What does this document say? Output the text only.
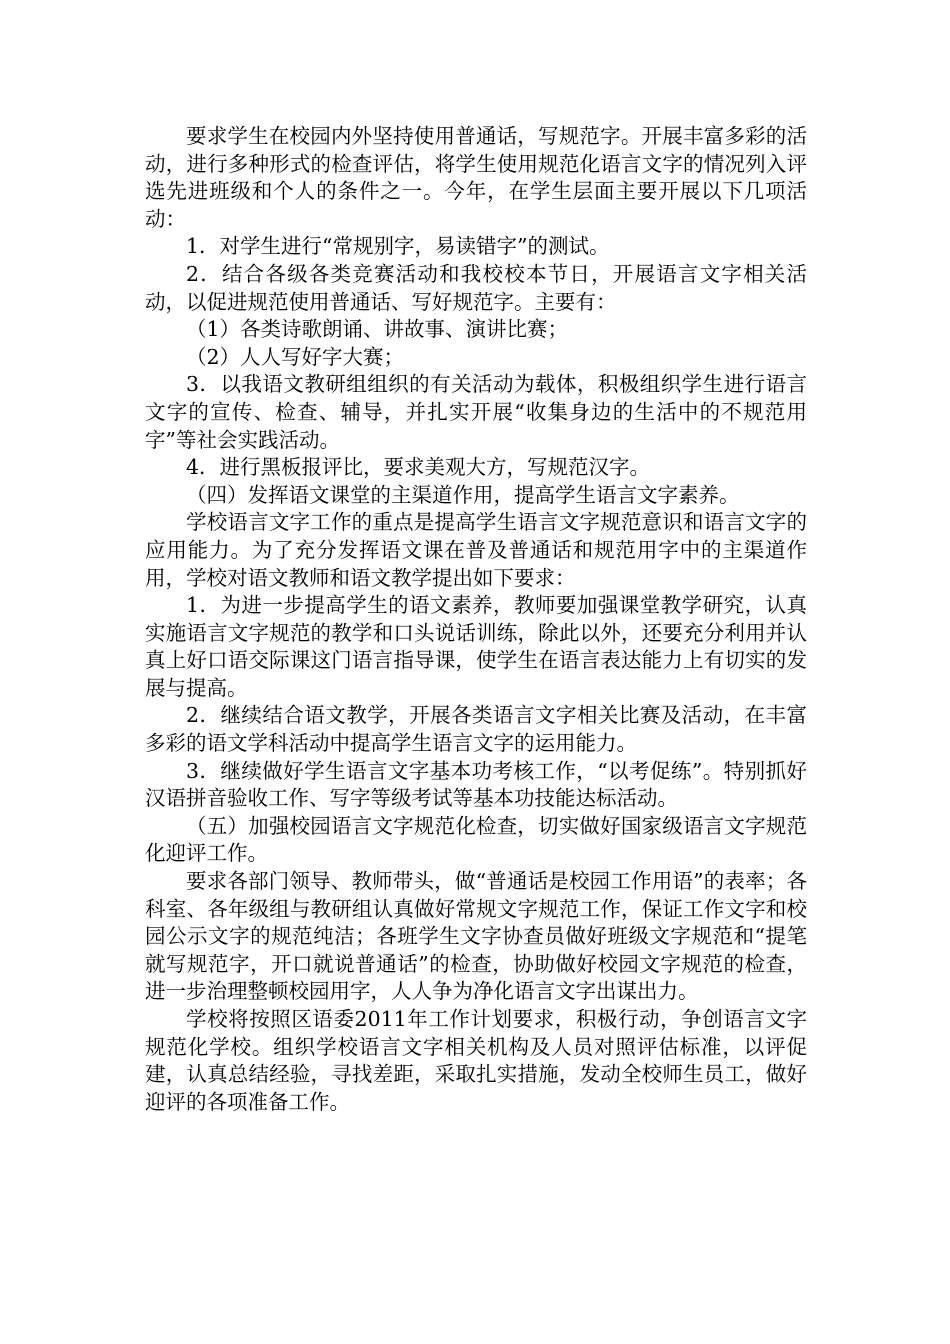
要求学生在校园内外坚持使用普通话，写规范字。开展丰富多彩的活动，进行多种形式的检查评估，将学生使用规范化语言文字的情况列入评选先进班级和个人的条件之一。今年，在学生层面主要开展以下几项活动：

1．对学生进行“常规别字，易读错字”的测试。

2．结合各级各类竞赛活动和我校校本节日，开展语言文字相关活动，以促进规范使用普通话、写好规范字。主要有：

（1）各类诗歌朗诵、讲故事、演讲比赛；

（2）人人写好字大赛；

3．以我语文教研组组织的有关活动为载体，积极组织学生进行语言文字的宣传、检查、辅导，并扎实开展“收集身边的生活中的不规范用字”等社会实践活动。

4．进行黑板报评比，要求美观大方，写规范汉字。

（四）发挥语文课堂的主渠道作用，提高学生语言文字素养。

学校语言文字工作的重点是提高学生语言文字规范意识和语言文字的应用能力。为了充分发挥语文课在普及普通话和规范用字中的主渠道作用，学校对语文教师和语文教学提出如下要求：

1．为进一步提高学生的语文素养，教师要加强课堂教学研究，认真实施语言文字规范的教学和口头说话训练，除此以外，还要充分利用并认真上好口语交际课这门语言指导课，使学生在语言表达能力上有切实的发展与提高。

2．继续结合语文教学，开展各类语言文字相关比赛及活动，在丰富多彩的语文学科活动中提高学生语言文字的运用能力。

3．继续做好学生语言文字基本功考核工作，“以考促练”。特别抓好汉语拼音验收工作、写字等级考试等基本功技能达标活动。

（五）加强校园语言文字规范化检查，切实做好国家级语言文字规范化迎评工作。

要求各部门领导、教师带头，做“普通话是校园工作用语”的表率；各科室、各年级组与教研组认真做好常规文字规范工作，保证工作文字和校园公示文字的规范纯洁；各班学生文字协查员做好班级文字规范和“提笔就写规范字，开口就说普通话”的检查，协助做好校园文字规范的检查，进一步治理整顿校园用字，人人争为净化语言文字出谋出力。

学校将按照区语委2011年工作计划要求，积极行动，争创语言文字规范化学校。组织学校语言文字相关机构及人员对照评估标准，以评促建，认真总结经验，寻找差距，采取扎实措施，发动全校师生员工，做好迎评的各项准备工作。
